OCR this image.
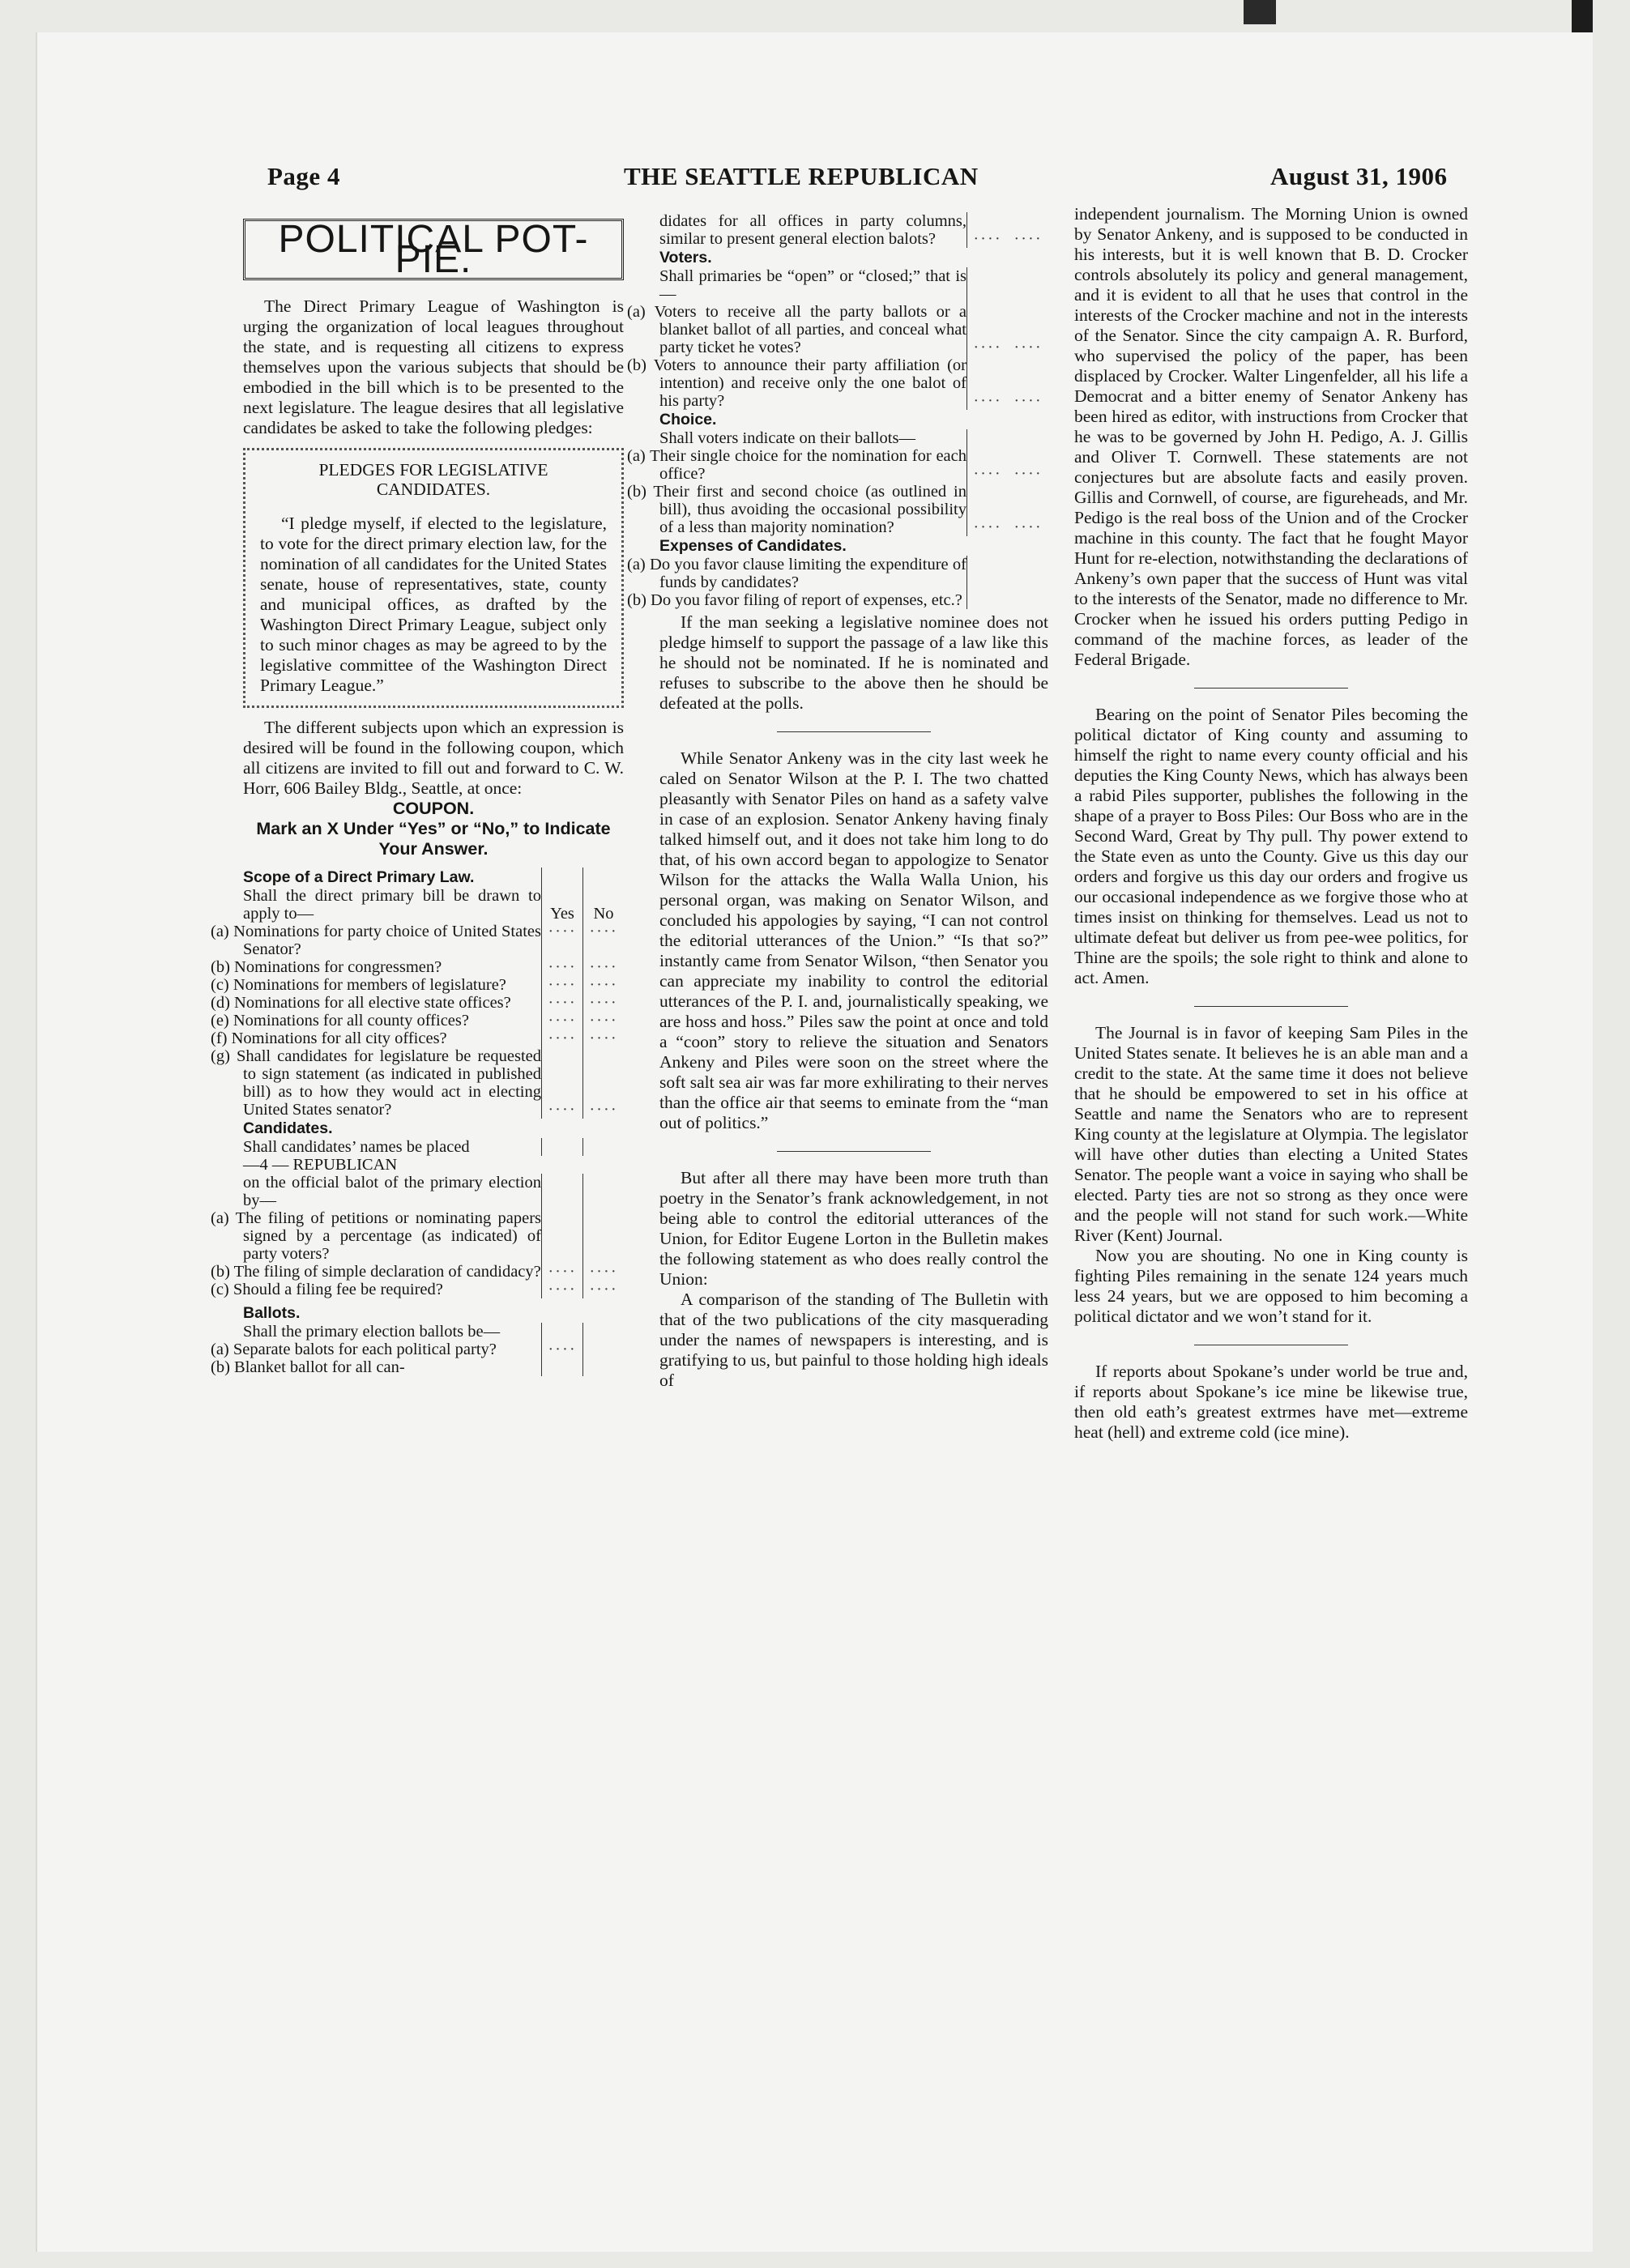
Page 4	THE SEATTLE REPUBLICAN	August 31, 1906
POLITICAL POT-PIE.

The Direct Primary League of Washington is urging the organization of local leagues throughout the state, and is requesting all citizens to express themselves upon the various subjects that should be embodied in the bill which is to be presented to the next legislature. The league desires that all legislative candidates be asked to take the following pledges:

PLEDGES FOR LEGISLATIVE CANDIDATES.

“I pledge myself, if elected to the legislature, to vote for the direct primary election law, for the nomination of all candidates for the United States senate, house of representatives, state, county and municipal offices, as drafted by the Washington Direct Primary League, subject only to such minor chages as may be agreed to by the legislative committee of the Washington Direct Primary League.”

The different subjects upon which an expression is desired will be found in the following coupon, which all citizens are invited to fill out and forward to C. W. Horr, 606 Bailey Bldg., Seattle, at once:

COUPON.
Mark an X Under “Yes” or “No,” to Indicate Your Answer.
Scope of a Direct Primary Law.
Shall the direct primary bill be drawn to apply to—	Yes	No
(a) Nominations for party choice of United States Senator?	····	····
(b) Nominations for congressmen?	····	····
(c) Nominations for members of legislature?	····	····
(d) Nominations for all elective state offices?	····	····
(e) Nominations for all county offices?	····	····
(f) Nominations for all city offices?	····	····
(g) Shall candidates for legislature be requested to sign statement (as indicated in published bill) as to how they would act in electing United States senator?	····	····

Candidates.		

Shall candidates’ names be placed		
—4 — REPUBLICAN		
on the official balot of the primary election by—		
(a) The filing of petitions or nominating papers signed by a percentage (as indicated) of party voters?		
(b) The filing of simple declaration of candidacy?	····	····
(c) Should a filing fee be required?	····	····

Ballots.		

Shall the primary election ballots be—		
(a) Separate balots for each political party?	····	
(b) Blanket ballot for all can-		
didates for all offices in party columns, similar to present general election balots?	····	····

Voters.		

Shall primaries be “open” or “closed;” that is—		
(a) Voters to receive all the party ballots or a blanket ballot of all parties, and conceal what party ticket he votes?	····	····
(b) Voters to announce their party affiliation (or intention) and receive only the one balot of his party?	····	····

Choice.		

Shall voters indicate on their ballots—		
(a) Their single choice for the nomination for each office?	····	····
(b) Their first and second choice (as outlined in bill), thus avoiding the occasional possibility of a less than majority nomination?	····	····

Expenses of Candidates.		

(a) Do you favor clause limiting the expenditure of funds by candidates?		
(b) Do you favor filing of report of expenses, etc.?		

If the man seeking a legislative nominee does not pledge himself to support the passage of a law like this he should not be nominated. If he is nominated and refuses to subscribe to the above then he should be defeated at the polls.

While Senator Ankeny was in the city last week he caled on Senator Wilson at the P. I. The two chatted pleasantly with Senator Piles on hand as a safety valve in case of an explosion. Senator Ankeny having finaly talked himself out, and it does not take him long to do that, of his own accord began to appologize to Senator Wilson for the attacks the Walla Walla Union, his personal organ, was making on Senator Wilson, and concluded his appologies by saying, “I can not control the editorial utterances of the Union.” “Is that so?” instantly came from Senator Wilson, “then Senator you can appreciate my inability to control the editorial utterances of the P. I. and, journalistically speaking, we are hoss and hoss.” Piles saw the point at once and told a “coon” story to relieve the situation and Senators Ankeny and Piles were soon on the street where the soft salt sea air was far more exhilirating to their nerves than the office air that seems to eminate from the “man out of politics.”

But after all there may have been more truth than poetry in the Senator’s frank acknowledgement, in not being able to control the editorial utterances of the Union, for Editor Eugene Lorton in the Bulletin makes the following statement as who does really control the Union:

A comparison of the standing of The Bulletin with that of the two publications of the city masquerading under the names of newspapers is interesting, and is gratifying to us, but painful to those holding high ideals of

independent journalism. The Morning Union is owned by Senator Ankeny, and is supposed to be conducted in his interests, but it is well known that B. D. Crocker controls absolutely its policy and general management, and it is evident to all that he uses that control in the interests of the Crocker machine and not in the interests of the Senator. Since the city campaign A. R. Burford, who supervised the policy of the paper, has been displaced by Crocker. Walter Lingenfelder, all his life a Democrat and a bitter enemy of Senator Ankeny has been hired as editor, with instructions from Crocker that he was to be governed by John H. Pedigo, A. J. Gillis and Oliver T. Cornwell. These statements are not conjectures but are absolute facts and easily proven. Gillis and Cornwell, of course, are figureheads, and Mr. Pedigo is the real boss of the Union and of the Crocker machine in this county. The fact that he fought Mayor Hunt for re-election, notwithstanding the declarations of Ankeny’s own paper that the success of Hunt was vital to the interests of the Senator, made no difference to Mr. Crocker when he issued his orders putting Pedigo in command of the machine forces, as leader of the Federal Brigade.

Bearing on the point of Senator Piles becoming the political dictator of King county and assuming to himself the right to name every county official and his deputies the King County News, which has always been a rabid Piles supporter, publishes the following in the shape of a prayer to Boss Piles: Our Boss who are in the Second Ward, Great by Thy pull. Thy power extend to the State even as unto the County. Give us this day our orders and forgive us this day our orders and frogive us our occasional independence as we forgive those who at times insist on thinking for themselves. Lead us not to ultimate defeat but deliver us from pee-wee politics, for Thine are the spoils; the sole right to think and alone to act. Amen.

The Journal is in favor of keeping Sam Piles in the United States senate. It believes he is an able man and a credit to the state. At the same time it does not believe that he should be empowered to set in his office at Seattle and name the Senators who are to represent King county at the legislature at Olympia. The legislator will have other duties than electing a United States Senator. The people want a voice in saying who shall be elected. Party ties are not so strong as they once were and the people will not stand for such work.—White River (Kent) Journal.

Now you are shouting. No one in King county is fighting Piles remaining in the senate 124 years much less 24 years, but we are opposed to him becoming a political dictator and we won’t stand for it.

If reports about Spokane’s under world be true and, if reports about Spokane’s ice mine be likewise true, then old eath’s greatest extrmes have met—extreme heat (hell) and extreme cold (ice mine).
